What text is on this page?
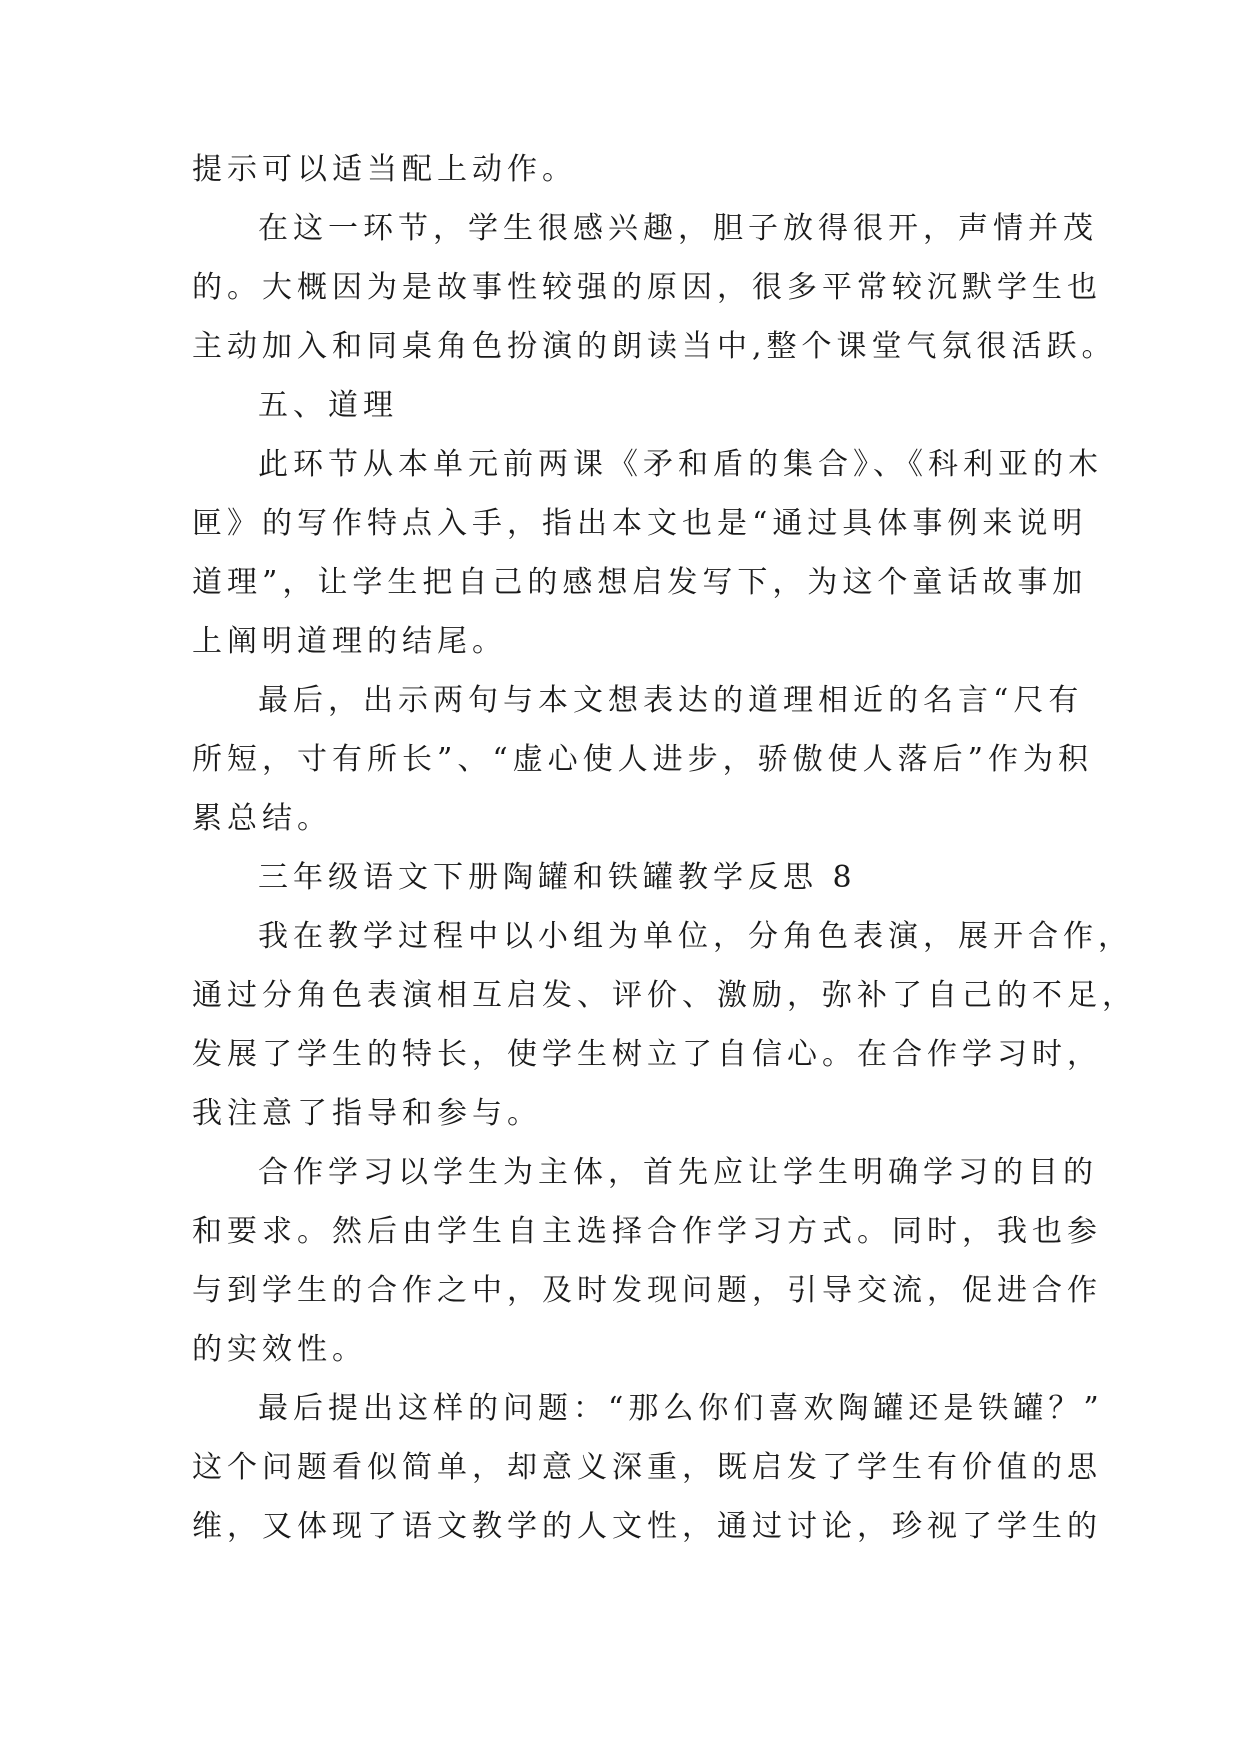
提示可以适当配上动作。
在这一环节，学生很感兴趣，胆子放得很开，声情并茂
的。大概因为是故事性较强的原因，很多平常较沉默学生也
主动加入和同桌角色扮演的朗读当中,整个课堂气氛很活跃。
五、道理
此环节从本单元前两课《矛和盾的集合》、《科利亚的木
匣》的写作特点入手，指出本文也是“通过具体事例来说明
道理”，让学生把自己的感想启发写下，为这个童话故事加
上阐明道理的结尾。
最后，出示两句与本文想表达的道理相近的名言“尺有
所短，寸有所长”、“虚心使人进步，骄傲使人落后”作为积
累总结。
三年级语文下册陶罐和铁罐教学反思 8
我在教学过程中以小组为单位，分角色表演，展开合作，
通过分角色表演相互启发、评价、激励，弥补了自己的不足，
发展了学生的特长，使学生树立了自信心。在合作学习时，
我注意了指导和参与。
合作学习以学生为主体，首先应让学生明确学习的目的
和要求。然后由学生自主选择合作学习方式。同时，我也参
与到学生的合作之中，及时发现问题，引导交流，促进合作
的实效性。
最后提出这样的问题：“那么你们喜欢陶罐还是铁罐？”
这个问题看似简单，却意义深重，既启发了学生有价值的思
维，又体现了语文教学的人文性，通过讨论，珍视了学生的
